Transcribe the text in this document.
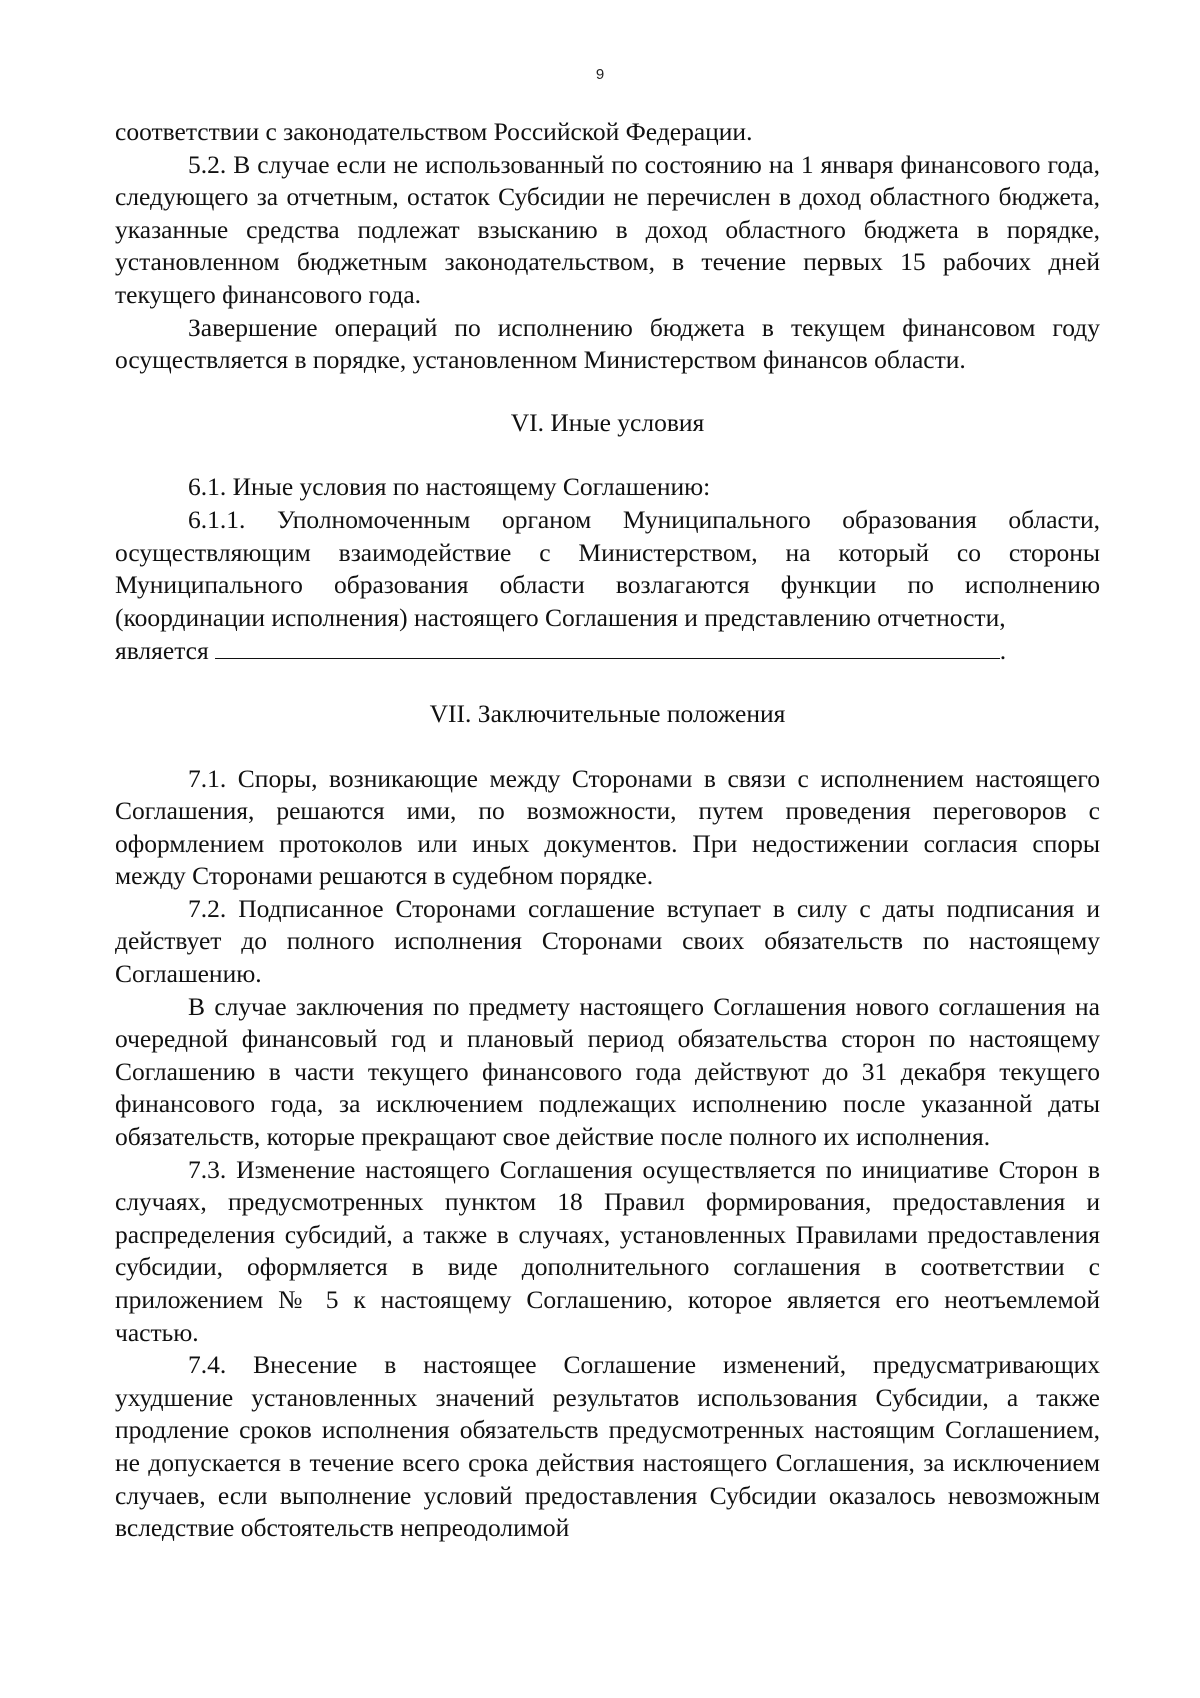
9

соответствии с законодательством Российской Федерации.

5.2. В случае если не использованный по состоянию на 1 января финансового года, следующего за отчетным, остаток Субсидии не перечислен в доход областного бюджета, указанные средства подлежат взысканию в доход областного бюджета в порядке, установленном бюджетным законодательством, в течение первых 15 рабочих дней текущего финансового года.

Завершение операций по исполнению бюджета в текущем финансовом году осуществляется в порядке, установленном Министерством финансов области.

VI. Иные условия

6.1. Иные условия по настоящему Соглашению:

6.1.1. Уполномоченным органом Муниципального образования области, осуществляющим взаимодействие с Министерством, на который со стороны Муниципального образования области возлагаются функции по исполнению (координации исполнения) настоящего Соглашения и представлению отчетности,

является	.

VII. Заключительные положения

7.1. Споры, возникающие между Сторонами в связи с исполнением настоящего Соглашения, решаются ими, по возможности, путем проведения переговоров с оформлением протоколов или иных документов. При недостижении согласия споры между Сторонами решаются в судебном порядке.

7.2. Подписанное Сторонами соглашение вступает в силу с даты подписания и действует до полного исполнения Сторонами своих обязательств по настоящему Соглашению.

В случае заключения по предмету настоящего Соглашения нового соглашения на очередной финансовый год и плановый период обязательства сторон по настоящему Соглашению в части текущего финансового года действуют до 31 декабря текущего финансового года, за исключением подлежащих исполнению после указанной даты обязательств, которые прекращают свое действие после полного их исполнения.

7.3. Изменение настоящего Соглашения осуществляется по инициативе Сторон в случаях, предусмотренных пунктом 18 Правил формирования, предоставления и распределения субсидий, а также в случаях, установленных Правилами предоставления субсидии, оформляется в виде дополнительного соглашения в соответствии с приложением № 5 к настоящему Соглашению, которое является его неотъемлемой частью.

7.4. Внесение в настоящее Соглашение изменений, предусматривающих ухудшение установленных значений результатов использования Субсидии, а также продление сроков исполнения обязательств предусмотренных настоящим Соглашением, не допускается в течение всего срока действия настоящего Соглашения, за исключением случаев, если выполнение условий предоставления Субсидии оказалось невозможным вследствие обстоятельств непреодолимой
